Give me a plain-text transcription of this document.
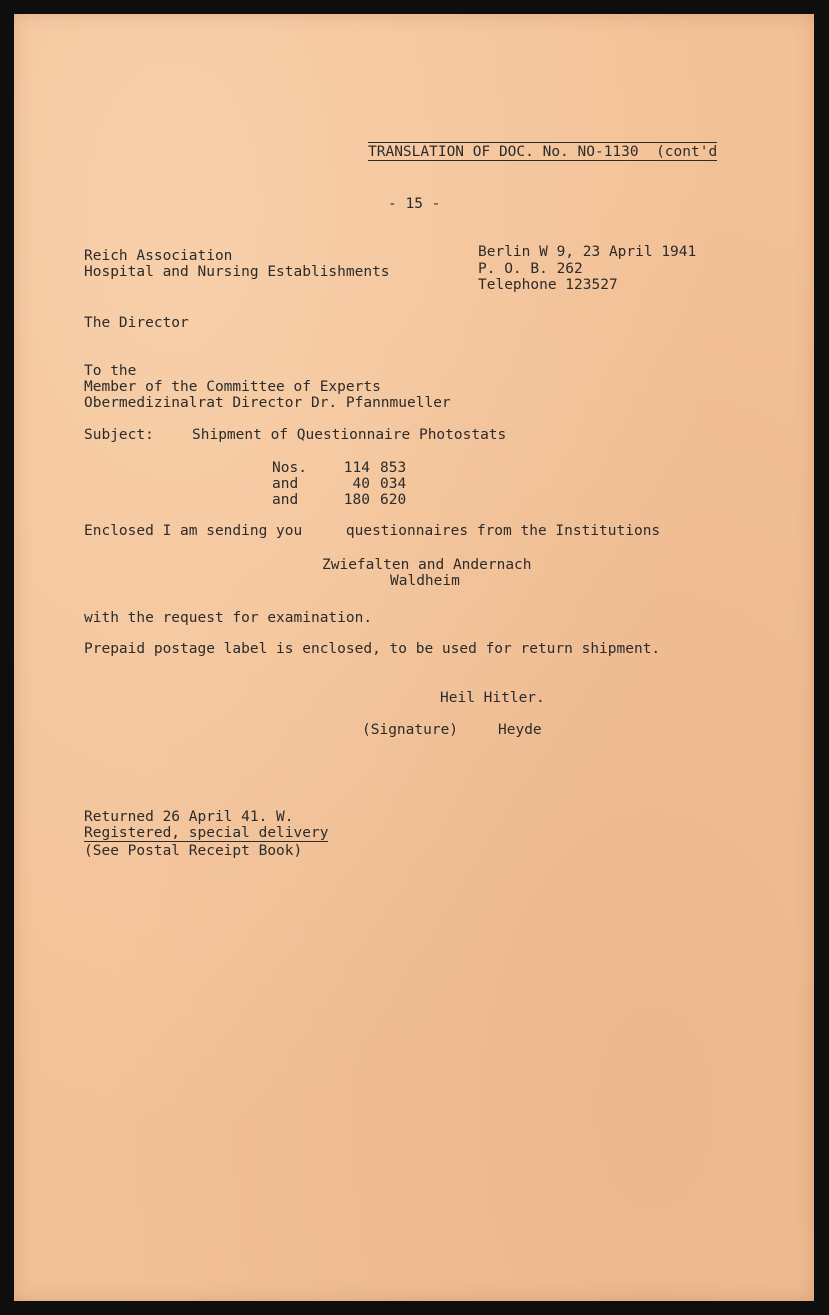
TRANSLATION OF DOC. No. NO-1130  (cont'd
- 15 -
Reich Association
Hospital and Nursing Establishments
Berlin W 9, 23 April 1941
P. O. B. 262
Telephone 123527
The Director
To the
Member of the Committee of Experts
Obermedizinalrat Director Dr. Pfannmueller
Subject:	Shipment of Questionnaire Photostats
Nos.	114	853
and	40	034
and	180	620
Enclosed I am sending you     questionnaires from the Institutions
Zwiefalten and Andernach
Waldheim
with the request for examination.
Prepaid postage label is enclosed, to be used for return shipment.
Heil Hitler.
(Signature)	Heyde
Returned 26 April 41. W.
Registered, special delivery
(See Postal Receipt Book)
